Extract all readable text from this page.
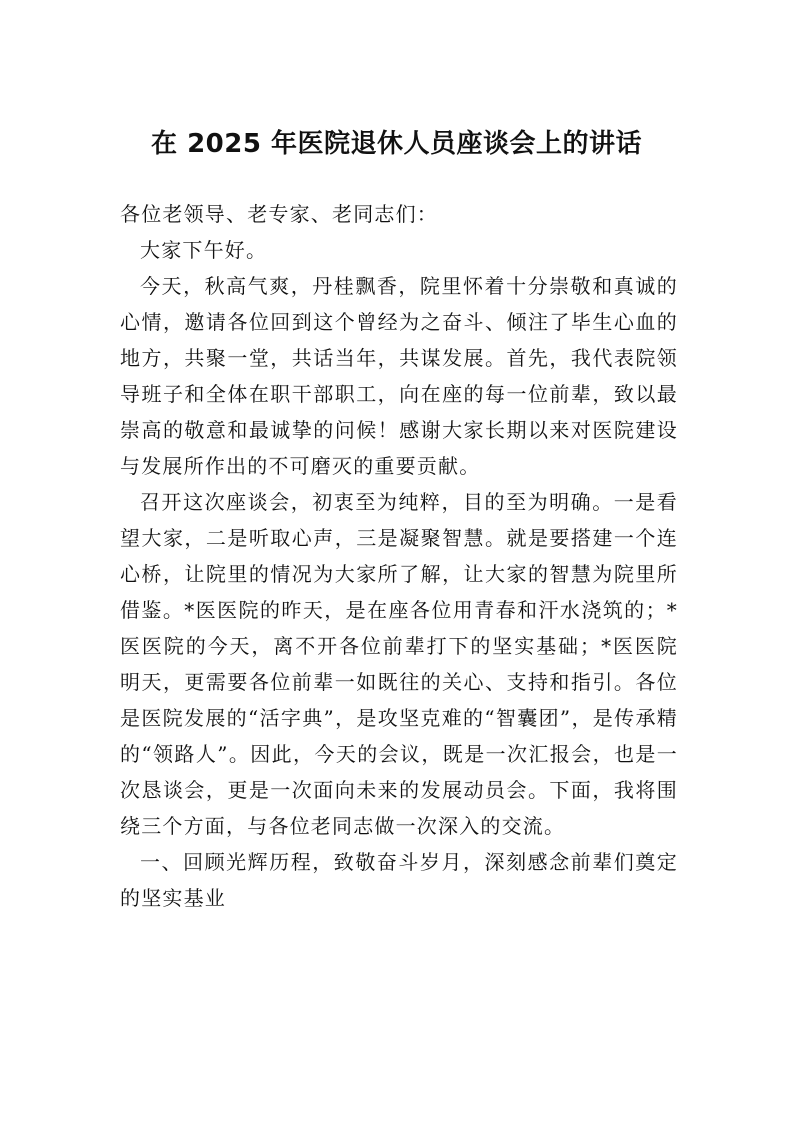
在 2025 年医院退休人员座谈会上的讲话

各位老领导、老专家、老同志们：

大家下午好。

今天，秋高气爽，丹桂飘香，院里怀着十分崇敬和真诚的

心情，邀请各位回到这个曾经为之奋斗、倾注了毕生心血的

地方，共聚一堂，共话当年，共谋发展。首先，我代表院领

导班子和全体在职干部职工，向在座的每一位前辈，致以最

崇高的敬意和最诚挚的问候！感谢大家长期以来对医院建设

与发展所作出的不可磨灭的重要贡献。

召开这次座谈会，初衷至为纯粹，目的至为明确。一是看

望大家，二是听取心声，三是凝聚智慧。就是要搭建一个连

心桥，让院里的情况为大家所了解，让大家的智慧为院里所

借鉴。*医医院的昨天，是在座各位用青春和汗水浇筑的；*

医医院的今天，离不开各位前辈打下的坚实基础；*医医院

明天，更需要各位前辈一如既往的关心、支持和指引。各位

是医院发展的“活字典”，是攻坚克难的“智囊团”，是传承精

的“领路人”。因此，今天的会议，既是一次汇报会，也是一

次恳谈会，更是一次面向未来的发展动员会。下面，我将围

绕三个方面，与各位老同志做一次深入的交流。

一、回顾光辉历程，致敬奋斗岁月，深刻感念前辈们奠定

的坚实基业
